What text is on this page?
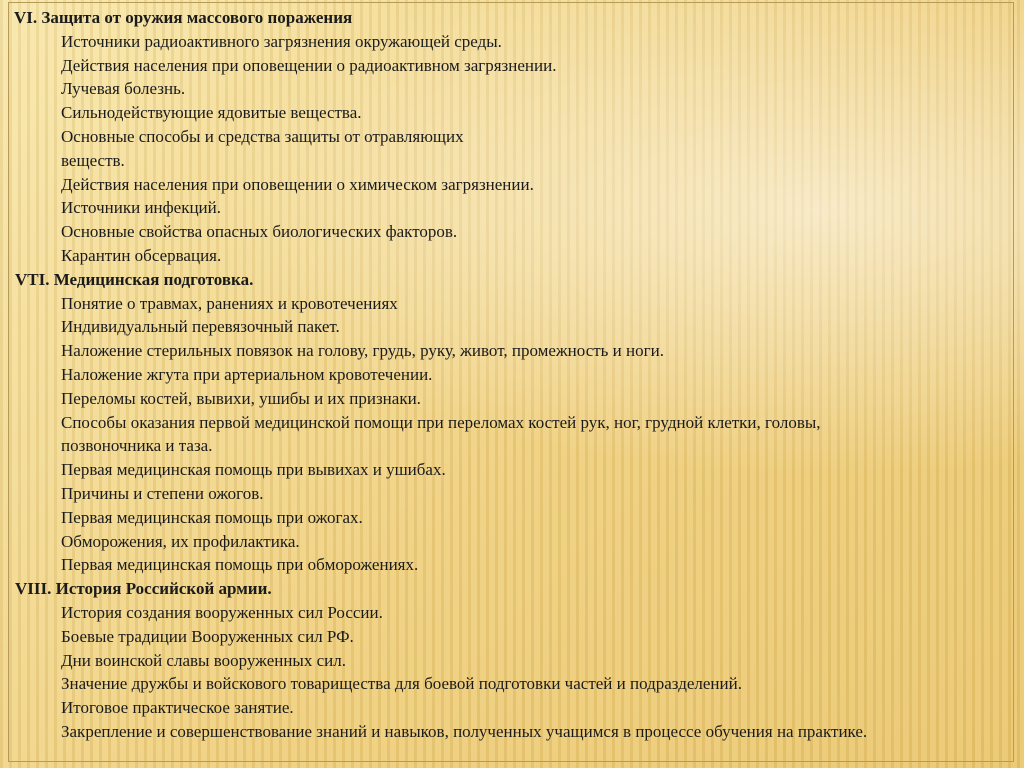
VI. Защита от оружия массового поражения
Источники радиоактивного загрязнения окружающей среды.
Действия населения при оповещении о радиоактивном загрязнении.
Лучевая болезнь.
Сильнодействующие ядовитые вещества.
Основные способы и средства защиты от отравляющих
веществ.
Действия населения при оповещении о химическом загрязнении.
Источники инфекций.
Основные свойства опасных биологических факторов.
Карантин обсервация.
VTI. Медицинская подготовка.
Понятие о травмах, ранениях и кровотечениях
Индивидуальный перевязочный пакет.
Наложение стерильных повязок на голову, грудь, руку, живот, промежность и ноги.
Наложение жгута при артериальном кровотечении.
Переломы костей, вывихи, ушибы и их признаки.
Способы оказания первой медицинской помощи при переломах костей рук, ног, грудной клетки, головы,
позвоночника и таза.
Первая медицинская помощь при вывихах и ушибах.
Причины и степени ожогов.
Первая медицинская помощь при ожогах.
Обморожения, их профилактика.
Первая медицинская помощь при обморожениях.
VIII. История Российской армии.
История создания вооруженных сил России.
Боевые традиции Вооруженных сил РФ.
Дни воинской славы вооруженных сил.
Значение дружбы и войскового товарищества для боевой подготовки частей и подразделений.
Итоговое практическое занятие.
Закрепление и совершенствование знаний и навыков, полученных учащимся в процессе обучения на практике.
